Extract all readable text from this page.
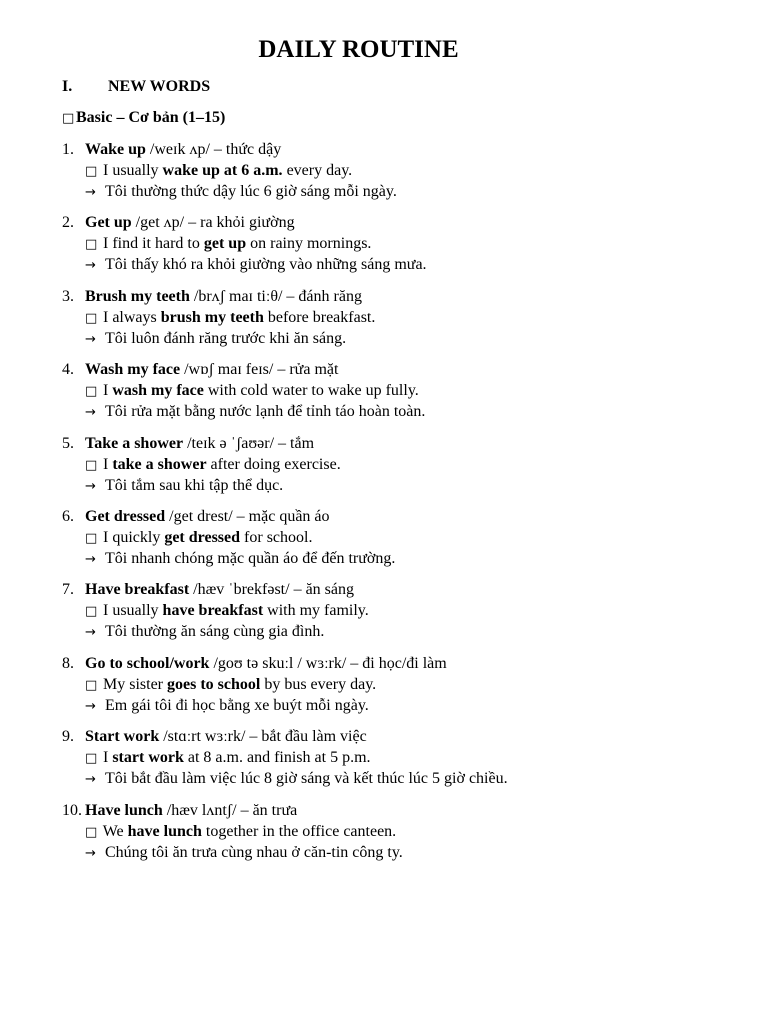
DAILY ROUTINE
I. NEW WORDS
□ Basic – Cơ bản (1–15)
1. Wake up /weɪk ʌp/ – thức dậy
□ I usually wake up at 6 a.m. every day.
→ Tôi thường thức dậy lúc 6 giờ sáng mỗi ngày.
2. Get up /get ʌp/ – ra khỏi giường
□ I find it hard to get up on rainy mornings.
→ Tôi thấy khó ra khỏi giường vào những sáng mưa.
3. Brush my teeth /brʌʃ maɪ tiːθ/ – đánh răng
□ I always brush my teeth before breakfast.
→ Tôi luôn đánh răng trước khi ăn sáng.
4. Wash my face /wɒʃ maɪ feɪs/ – rửa mặt
□ I wash my face with cold water to wake up fully.
→ Tôi rửa mặt bằng nước lạnh để tỉnh táo hoàn toàn.
5. Take a shower /teɪk ə ˈʃaʊər/ – tắm
□ I take a shower after doing exercise.
→ Tôi tắm sau khi tập thể dục.
6. Get dressed /get drest/ – mặc quần áo
□ I quickly get dressed for school.
→ Tôi nhanh chóng mặc quần áo để đến trường.
7. Have breakfast /hæv ˈbrekfəst/ – ăn sáng
□ I usually have breakfast with my family.
→ Tôi thường ăn sáng cùng gia đình.
8. Go to school/work /goʊ tə skuːl / wɜːrk/ – đi học/đi làm
□ My sister goes to school by bus every day.
→ Em gái tôi đi học bằng xe buýt mỗi ngày.
9. Start work /stɑːrt wɜːrk/ – bắt đầu làm việc
□ I start work at 8 a.m. and finish at 5 p.m.
→ Tôi bắt đầu làm việc lúc 8 giờ sáng và kết thúc lúc 5 giờ chiều.
10. Have lunch /hæv lʌntʃ/ – ăn trưa
□ We have lunch together in the office canteen.
→ Chúng tôi ăn trưa cùng nhau ở căn-tin công ty.
